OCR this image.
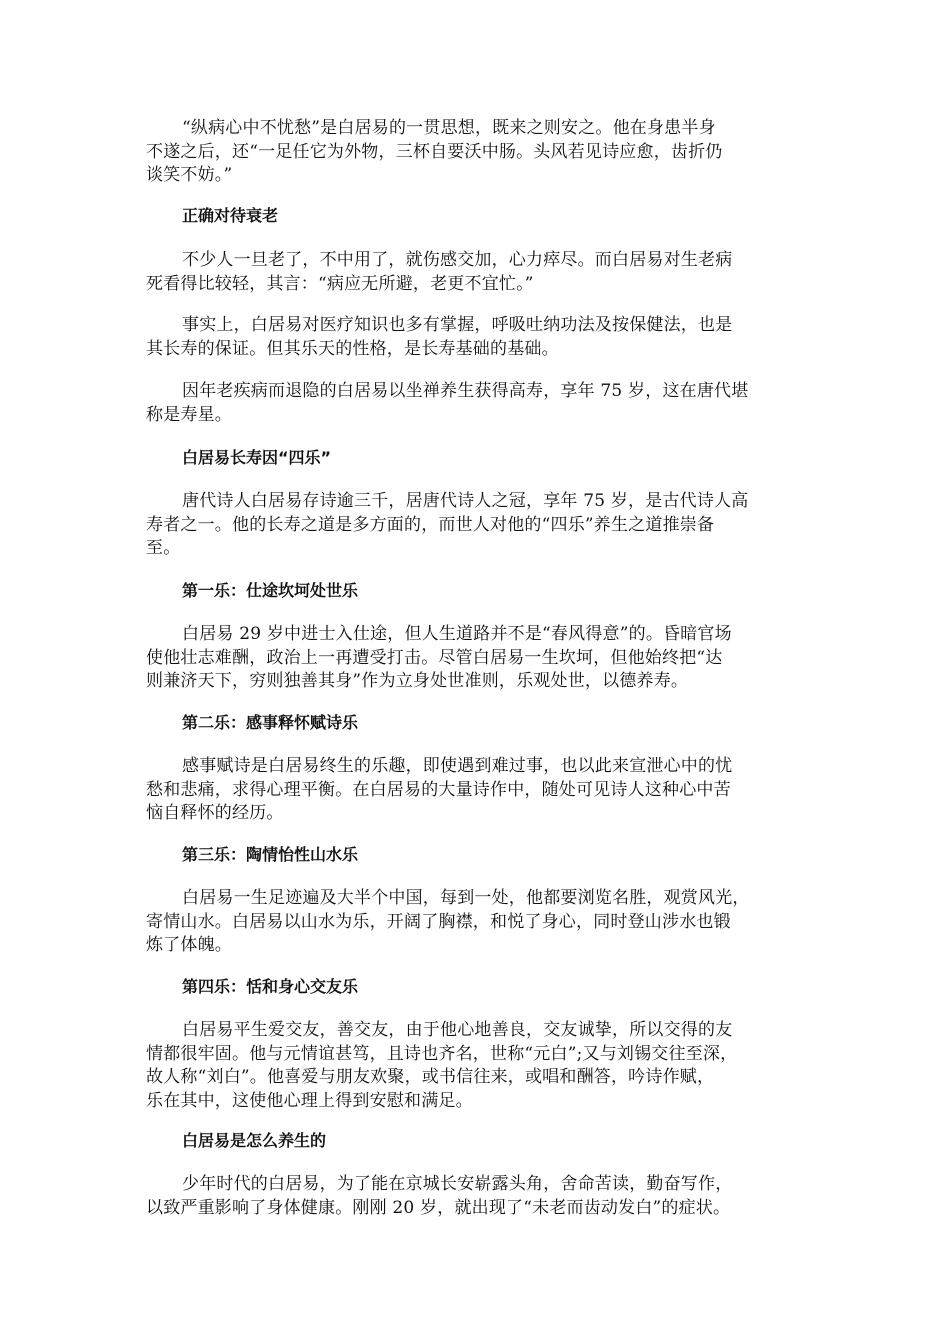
“纵病心中不忧愁”是白居易的一贯思想，既来之则安之。他在身患半身
不遂之后，还“一足任它为外物，三杯自要沃中肠。头风若见诗应愈，齿折仍
谈笑不妨。”
正确对待衰老
不少人一旦老了，不中用了，就伤感交加，心力瘁尽。而白居易对生老病
死看得比较轻，其言：“病应无所避，老更不宜忙。”
事实上，白居易对医疗知识也多有掌握，呼吸吐纳功法及按保健法，也是
其长寿的保证。但其乐天的性格，是长寿基础的基础。
因年老疾病而退隐的白居易以坐禅养生获得高寿，享年 75 岁，这在唐代堪
称是寿星。
白居易长寿因“四乐”
唐代诗人白居易存诗逾三千，居唐代诗人之冠，享年 75 岁，是古代诗人高
寿者之一。他的长寿之道是多方面的，而世人对他的“四乐”养生之道推崇备
至。
第一乐：仕途坎坷处世乐
白居易 29 岁中进士入仕途，但人生道路并不是“春风得意”的。昏暗官场
使他壮志难酬，政治上一再遭受打击。尽管白居易一生坎坷，但他始终把“达
则兼济天下，穷则独善其身”作为立身处世准则，乐观处世，以德养寿。
第二乐：感事释怀赋诗乐
感事赋诗是白居易终生的乐趣，即使遇到难过事，也以此来宣泄心中的忧
愁和悲痛，求得心理平衡。在白居易的大量诗作中，随处可见诗人这种心中苦
恼自释怀的经历。
第三乐：陶情怡性山水乐
白居易一生足迹遍及大半个中国，每到一处，他都要浏览名胜，观赏风光，
寄情山水。白居易以山水为乐，开阔了胸襟，和悦了身心，同时登山涉水也锻
炼了体魄。
第四乐：恬和身心交友乐
白居易平生爱交友，善交友，由于他心地善良，交友诚挚，所以交得的友
情都很牢固。他与元情谊甚笃，且诗也齐名，世称“元白”;又与刘锡交往至深，
故人称“刘白”。他喜爱与朋友欢聚，或书信往来，或唱和酬答，吟诗作赋，
乐在其中，这使他心理上得到安慰和满足。
白居易是怎么养生的
少年时代的白居易，为了能在京城长安崭露头角，舍命苦读，勤奋写作，
以致严重影响了身体健康。刚刚 20 岁，就出现了“未老而齿动发白”的症状。
